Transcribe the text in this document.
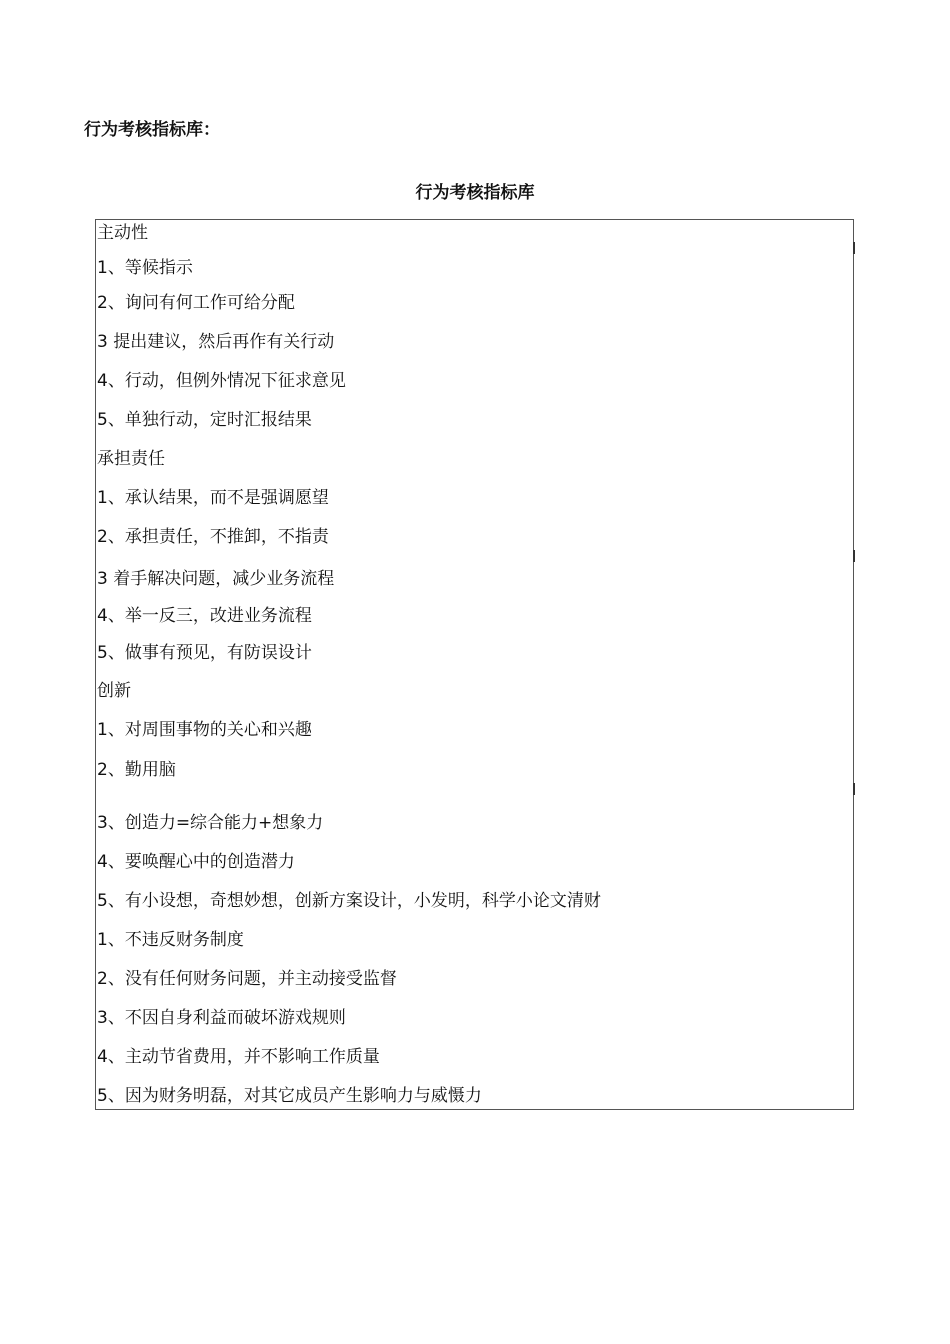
行为考核指标库：
行为考核指标库
主动性
1、等候指示
2、询问有何工作可给分配
3 提出建议，然后再作有关行动
4、行动，但例外情况下征求意见
5、单独行动，定时汇报结果
承担责任
1、承认结果，而不是强调愿望
2、承担责任，不推卸，不指责
3 着手解决问题，减少业务流程
4、举一反三，改进业务流程
5、做事有预见，有防误设计
创新
1、对周围事物的关心和兴趣
2、勤用脑
3、创造力=综合能力+想象力
4、要唤醒心中的创造潜力
5、有小设想，奇想妙想，创新方案设计，小发明，科学小论文清财
1、不违反财务制度
2、没有任何财务问题，并主动接受监督
3、不因自身利益而破坏游戏规则
4、主动节省费用，并不影响工作质量
5、因为财务明磊，对其它成员产生影响力与威慑力
